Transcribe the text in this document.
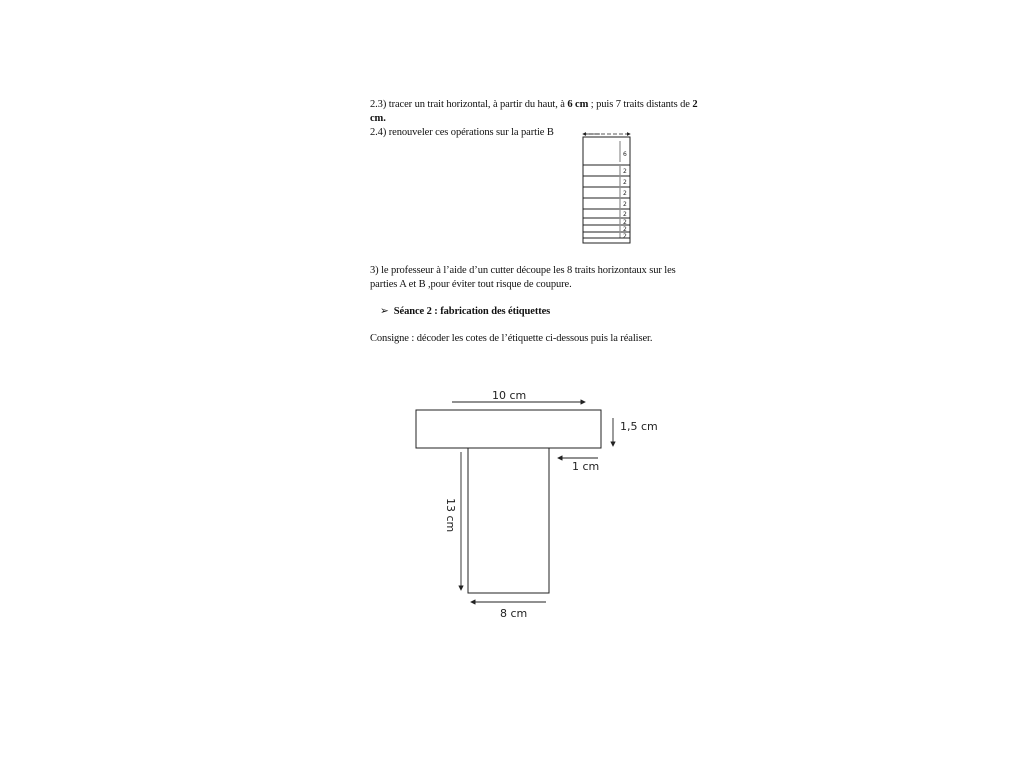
2.3) tracer un trait horizontal, à partir du haut, à 6 cm ; puis 7 traits distants de 2
cm.
2.4) renouveler ces opérations sur la partie B
3) le professeur à l’aide d’un cutter découpe les 8 traits horizontaux sur les
parties A et B ,pour éviter tout risque de coupure.
➢ Séance 2 : fabrication des étiquettes
Consigne : décoder les cotes de l’étiquette ci-dessous puis la réaliser.
6
2
2
2
2
2
2
2
2
10 cm
1,5 cm
1 cm
13 cm
8 cm
